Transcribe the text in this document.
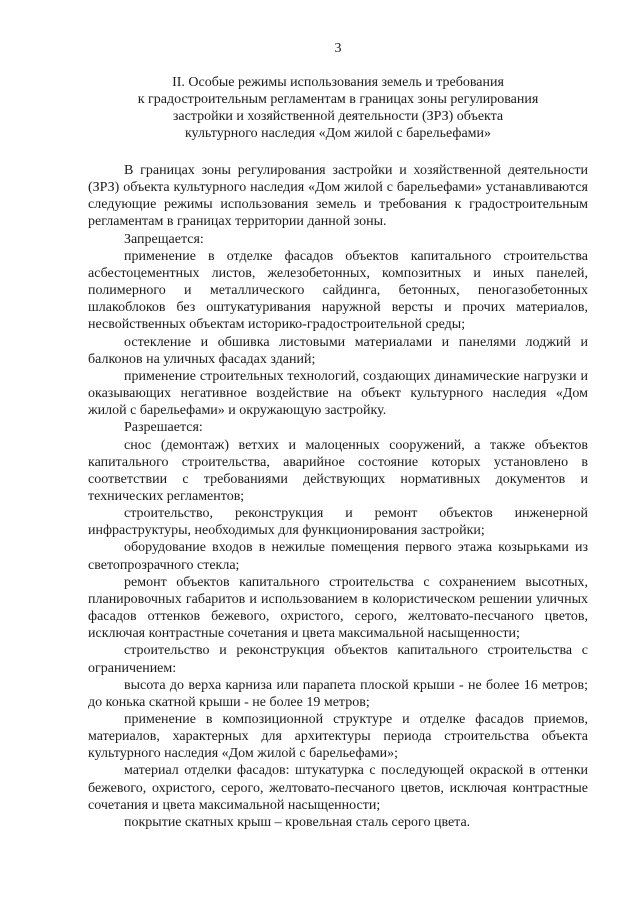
3
II. Особые режимы использования земель и требования
к градостроительным регламентам в границах зоны регулирования
застройки и хозяйственной деятельности (ЗРЗ) объекта
культурного наследия «Дом жилой с барельефами»

В границах зоны регулирования застройки и хозяйственной деятельности (ЗРЗ) объекта культурного наследия «Дом жилой с барельефами» устанавливаются следующие режимы использования земель и требования к градостроительным регламентам в границах территории данной зоны.

Запрещается:

применение в отделке фасадов объектов капитального строительства асбестоцементных листов, железобетонных, композитных и иных панелей, полимерного и металлического сайдинга, бетонных, пеногазобетонных шлакоблоков без оштукатуривания наружной версты и прочих материалов, несвойственных объектам историко-градостроительной среды;

остекление и обшивка листовыми материалами и панелями лоджий и балконов на уличных фасадах зданий;

применение строительных технологий, создающих динамические нагрузки и оказывающих негативное воздействие на объект культурного наследия «Дом жилой с барельефами» и окружающую застройку.

Разрешается:

снос (демонтаж) ветхих и малоценных сооружений, а также объектов капитального строительства, аварийное состояние которых установлено в соответствии с требованиями действующих нормативных документов и технических регламентов;

строительство, реконструкция и ремонт объектов инженерной инфраструктуры, необходимых для функционирования застройки;

оборудование входов в нежилые помещения первого этажа козырьками из светопрозрачного стекла;

ремонт объектов капитального строительства с сохранением высотных, планировочных габаритов и использованием в колористическом решении уличных фасадов оттенков бежевого, охристого, серого, желтовато-песчаного цветов, исключая контрастные сочетания и цвета максимальной насыщенности;

строительство и реконструкция объектов капитального строительства с ограничением:

высота до верха карниза или парапета плоской крыши - не более 16 метров; до конька скатной крыши - не более 19 метров;

применение в композиционной структуре и отделке фасадов приемов, материалов, характерных для архитектуры периода строительства объекта культурного наследия «Дом жилой с барельефами»;

материал отделки фасадов: штукатурка с последующей окраской в оттенки бежевого, охристого, серого, желтовато-песчаного цветов, исключая контрастные сочетания и цвета максимальной насыщенности;

покрытие скатных крыш – кровельная сталь серого цвета.
